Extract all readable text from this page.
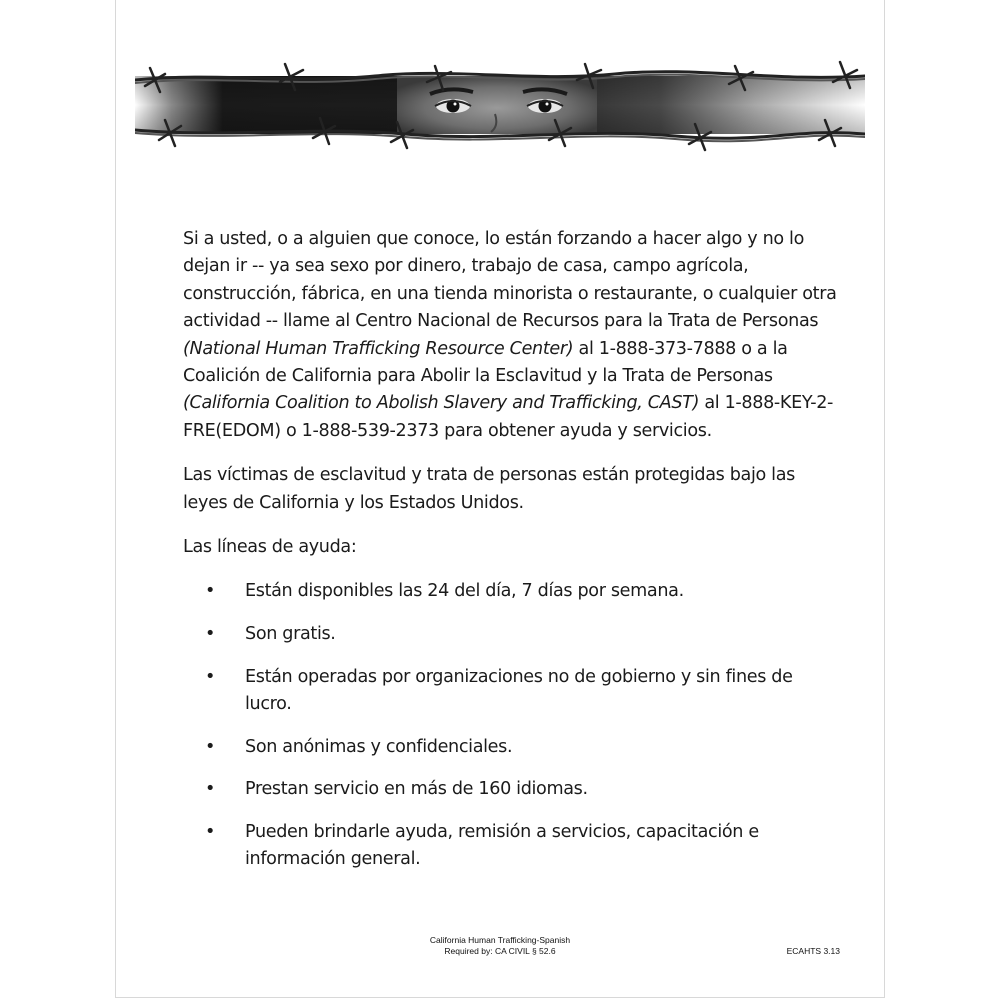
Si a usted, o a alguien que conoce, lo están forzando a hacer algo y no lo dejan ir -- ya sea sexo por dinero, trabajo de casa, campo agrícola, construcción, fábrica, en una tienda minorista o restaurante, o cualquier otra actividad -- llame al Centro Nacional de Recursos para la Trata de Personas (National Human Trafficking Resource Center) al 1-888-373-7888 o a la Coalición de California para Abolir la Esclavitud y la Trata de Personas (California Coalition to Abolish Slavery and Trafficking, CAST) al 1-888-KEY-2-FRE(EDOM) o 1-888-539-2373 para obtener ayuda y servicios.

Las víctimas de esclavitud y trata de personas están protegidas bajo las leyes de California y los Estados Unidos.

Las líneas de ayuda:

• Están disponibles las 24 del día, 7 días por semana.
• Son gratis.
• Están operadas por organizaciones no de gobierno y sin fines de lucro.
• Son anónimas y confidenciales.
• Prestan servicio en más de 160 idiomas.
• Pueden brindarle ayuda, remisión a servicios, capacitación e información general.
California Human Trafficking-Spanish
Required by: CA CIVIL § 52.6	ECAHTS 3.13
